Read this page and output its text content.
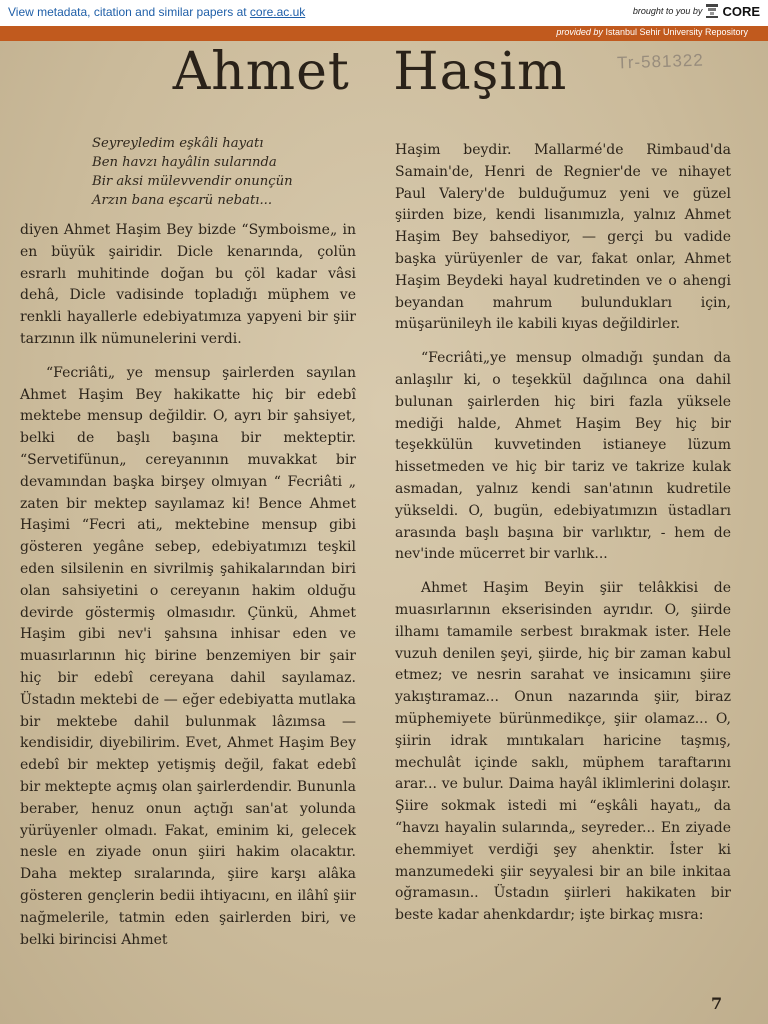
View metadata, citation and similar papers at core.ac.uk	brought to you by CORE
provided by Istanbul Sehir University Repository
Ahmet Haşim	Tr-581322
Seyreyledim eşkâli hayatı
Ben havzı hayâlin sularında
Bir aksi mülevvendir onunçün
Arzın bana eşcarü nebatı...

diyen Ahmet Haşim Bey bizde “Symboisme„ in en büyük şairidir. Dicle kenarında, çolün esrarlı muhitinde doğan bu çöl kadar vâsi dehâ, Dicle vadisinde topladığı müphem ve renkli hayallerle edebiyatımıza yapyeni bir şiir tarzının ilk nümunelerini verdi.

“Fecriâti„ ye mensup şairlerden sayılan Ahmet Haşim Bey hakikatte hiç bir edebî mektebe mensup değildir. O, ayrı bir şahsiyet, belki de başlı başına bir mekteptir. “Servetifünun„ cereyanının muvakkat bir devamından başka birşey olmıyan “ Fecriâti „ zaten bir mektep sayılamaz ki! Bence Ahmet Haşimi “Fecri ati„ mektebine mensup gibi gösteren yegâne sebep, edebiyatımızı teşkil eden silsilenin en sivrilmiş şahikalarından biri olan sahsiyetini o cereyanın hakim olduğu devirde göstermiş olmasıdır. Çünkü, Ahmet Haşim gibi nev'i şahsına inhisar eden ve muasırlarının hiç birine benzemiyen bir şair hiç bir edebî cereyana dahil sayılamaz. Üstadın mektebi de — eğer edebiyatta mutlaka bir mektebe dahil bulunmak lâzımsa — kendisidir, diyebilirim. Evet, Ahmet Haşim Bey edebî bir mektep yetişmiş değil, fakat edebî bir mektepte açmış olan şairlerdendir. Bununla beraber, henuz onun açtığı san'at yolunda yürüyenler olmadı. Fakat, eminim ki, gelecek nesle en ziyade onun şiiri hakim olacaktır. Daha mektep sıralarında, şiire karşı alâka gösteren gençlerin bedii ihtiyacını, en ilâhî şiir nağmelerile, tatmin eden şairlerden biri, ve belki birincisi Ahmet

Haşim beydir. Mallarmé'de Rimbaud'da Samain'de, Henri de Regnier'de ve nihayet Paul Valery'de bulduğumuz yeni ve güzel şiirden bize, kendi lisanımızla, yalnız Ahmet Haşim Bey bahsediyor, — gerçi bu vadide başka yürüyenler de var, fakat onlar, Ahmet Haşim Beydeki hayal kudretinden ve o ahengi beyandan mahrum bulundukları için, müşarünileyh ile kabili kıyas değildirler.

“Fecriâti„ye mensup olmadığı şundan da anlaşılır ki, o teşekkül dağılınca ona dahil bulunan şairlerden hiç biri fazla yüksele mediği halde, Ahmet Haşim Bey hiç bir teşekkülün kuvvetinden istianeye lüzum hissetmeden ve hiç bir tariz ve takrize kulak asmadan, yalnız kendi san'atının kudretile yükseldi. O, bugün, edebiyatımızın üstadları arasında başlı başına bir varlıktır, - hem de nev'inde mücerret bir varlık...

Ahmet Haşim Beyin şiir telâkkisi de muasırlarının ekserisinden ayrıdır. O, şiirde ilhamı tamamile serbest bırakmak ister. Hele vuzuh denilen şeyi, şiirde, hiç bir zaman kabul etmez; ve nesrin sarahat ve insicamını şiire yakıştıramaz... Onun nazarında şiir, biraz müphemiyete bürünmedikçe, şiir olamaz... O, şiirin idrak mıntıkaları haricine taşmış, mechulât içinde saklı, müphem taraftarını arar... ve bulur. Daima hayâl iklimlerini dolaşır. Şiire sokmak istedi mi “eşkâli hayatı„ da “havzı hayalin sularında„ seyreder... En ziyade ehemmiyet verdiği şey ahenktir. İster ki manzumedeki şiir seyyalesi bir an bile inkitaa oğramasın.. Üstadın şiirleri hakikaten bir beste kadar ahenkdardır; işte birkaç mısra:

7
